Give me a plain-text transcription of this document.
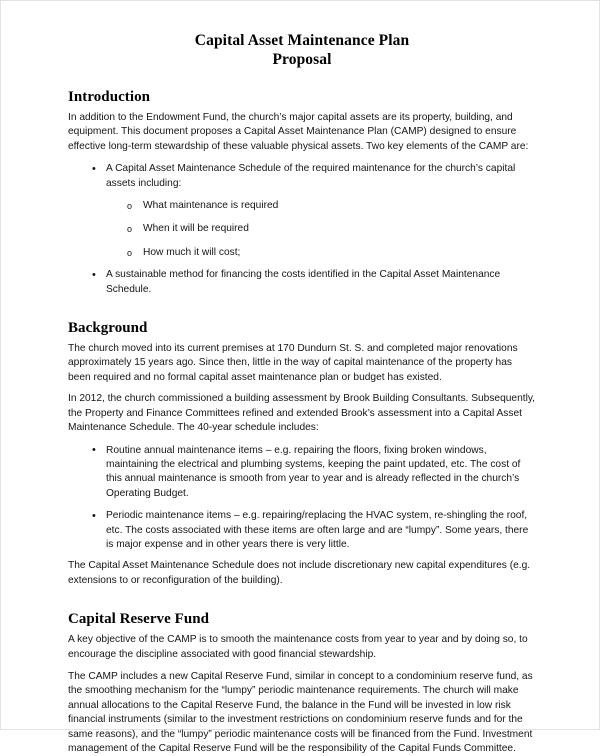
Capital Asset Maintenance Plan
Proposal
Introduction

In addition to the Endowment Fund, the church’s major capital assets are its property, building, and equipment. This document proposes a Capital Asset Maintenance Plan (CAMP) designed to ensure effective long-term stewardship of these valuable physical assets. Two key elements of the CAMP are:

• A Capital Asset Maintenance Schedule of the required maintenance for the church’s capital assets including:
o What maintenance is required
o When it will be required
o How much it will cost;
• A sustainable method for financing the costs identified in the Capital Asset Maintenance Schedule.
Background

The church moved into its current premises at 170 Dundurn St. S. and completed major renovations approximately 15 years ago. Since then, little in the way of capital maintenance of the property has been required and no formal capital asset maintenance plan or budget has existed.

In 2012, the church commissioned a building assessment by Brook Building Consultants. Subsequently, the Property and Finance Committees refined and extended Brook’s assessment into a Capital Asset Maintenance Schedule. The 40-year schedule includes:

• Routine annual maintenance items – e.g. repairing the floors, fixing broken windows, maintaining the electrical and plumbing systems, keeping the paint updated, etc. The cost of this annual maintenance is smooth from year to year and is already reflected in the church’s Operating Budget.
• Periodic maintenance items – e.g. repairing/replacing the HVAC system, re-shingling the roof, etc. The costs associated with these items are often large and are “lumpy”. Some years, there is major expense and in other years there is very little.

The Capital Asset Maintenance Schedule does not include discretionary new capital expenditures (e.g. extensions to or reconfiguration of the building).

Capital Reserve Fund

A key objective of the CAMP is to smooth the maintenance costs from year to year and by doing so, to encourage the discipline associated with good financial stewardship.

The CAMP includes a new Capital Reserve Fund, similar in concept to a condominium reserve fund, as the smoothing mechanism for the “lumpy” periodic maintenance requirements. The church will make annual allocations to the Capital Reserve Fund, the balance in the Fund will be invested in low risk financial instruments (similar to the investment restrictions on condominium reserve funds and for the same reasons), and the “lumpy” periodic maintenance costs will be financed from the Fund. Investment management of the Capital Reserve Fund will be the responsibility of the Capital Funds Committee.
